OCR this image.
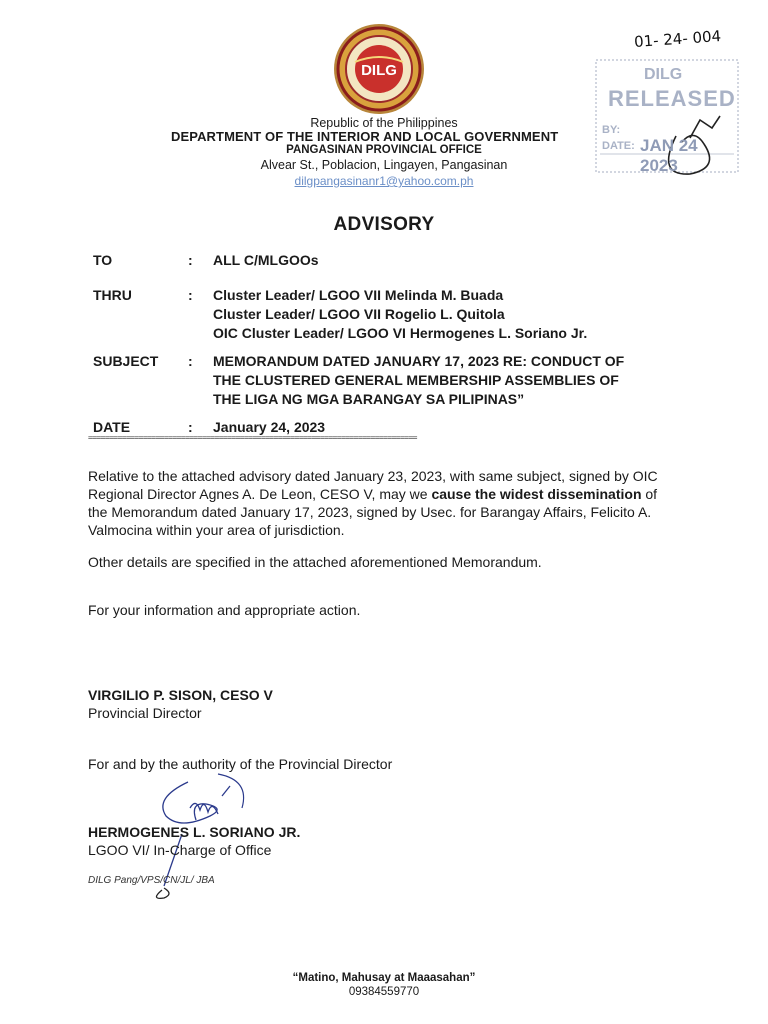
DILG
Republic of the Philippines
DEPARTMENT OF THE INTERIOR AND LOCAL GOVERNMENT
PANGASINAN PROVINCIAL OFFICE
Alvear St., Poblacion, Lingayen, Pangasinan
dilgpangasinanr1@yahoo.com.ph
01- 24- 004
DILG
RELEASED
BY:
DATE: JAN 24 2023
ADVISORY
TO	: ALL C/MLGOOs
THRU	: Cluster Leader/ LGOO VII Melinda M. Buada
Cluster Leader/ LGOO VII Rogelio L. Quitola
OIC Cluster Leader/ LGOO VI Hermogenes L. Soriano Jr.
SUBJECT : MEMORANDUM DATED JANUARY 17, 2023 RE: CONDUCT OF
THE CLUSTERED GENERAL MEMBERSHIP ASSEMBLIES OF
THE LIGA NG MGA BARANGAY SA PILIPINAS”
DATE	: January 24, 2023
==============================================================================
Relative to the attached advisory dated January 23, 2023, with same subject, signed by OIC Regional Director Agnes A. De Leon, CESO V, may we cause the widest dissemination of the Memorandum dated January 17, 2023, signed by Usec. for Barangay Affairs, Felicito A. Valmocina within your area of jurisdiction.
Other details are specified in the attached aforementioned Memorandum.
For your information and appropriate action.
VIRGILIO P. SISON, CESO V
Provincial Director
For and by the authority of the Provincial Director
HERMOGENES L. SORIANO JR.
LGOO VI/ In-Charge of Office
DILG Pang/VPS/CN/JL/ JBA
“Matino, Mahusay at Maaasahan”
09384559770
